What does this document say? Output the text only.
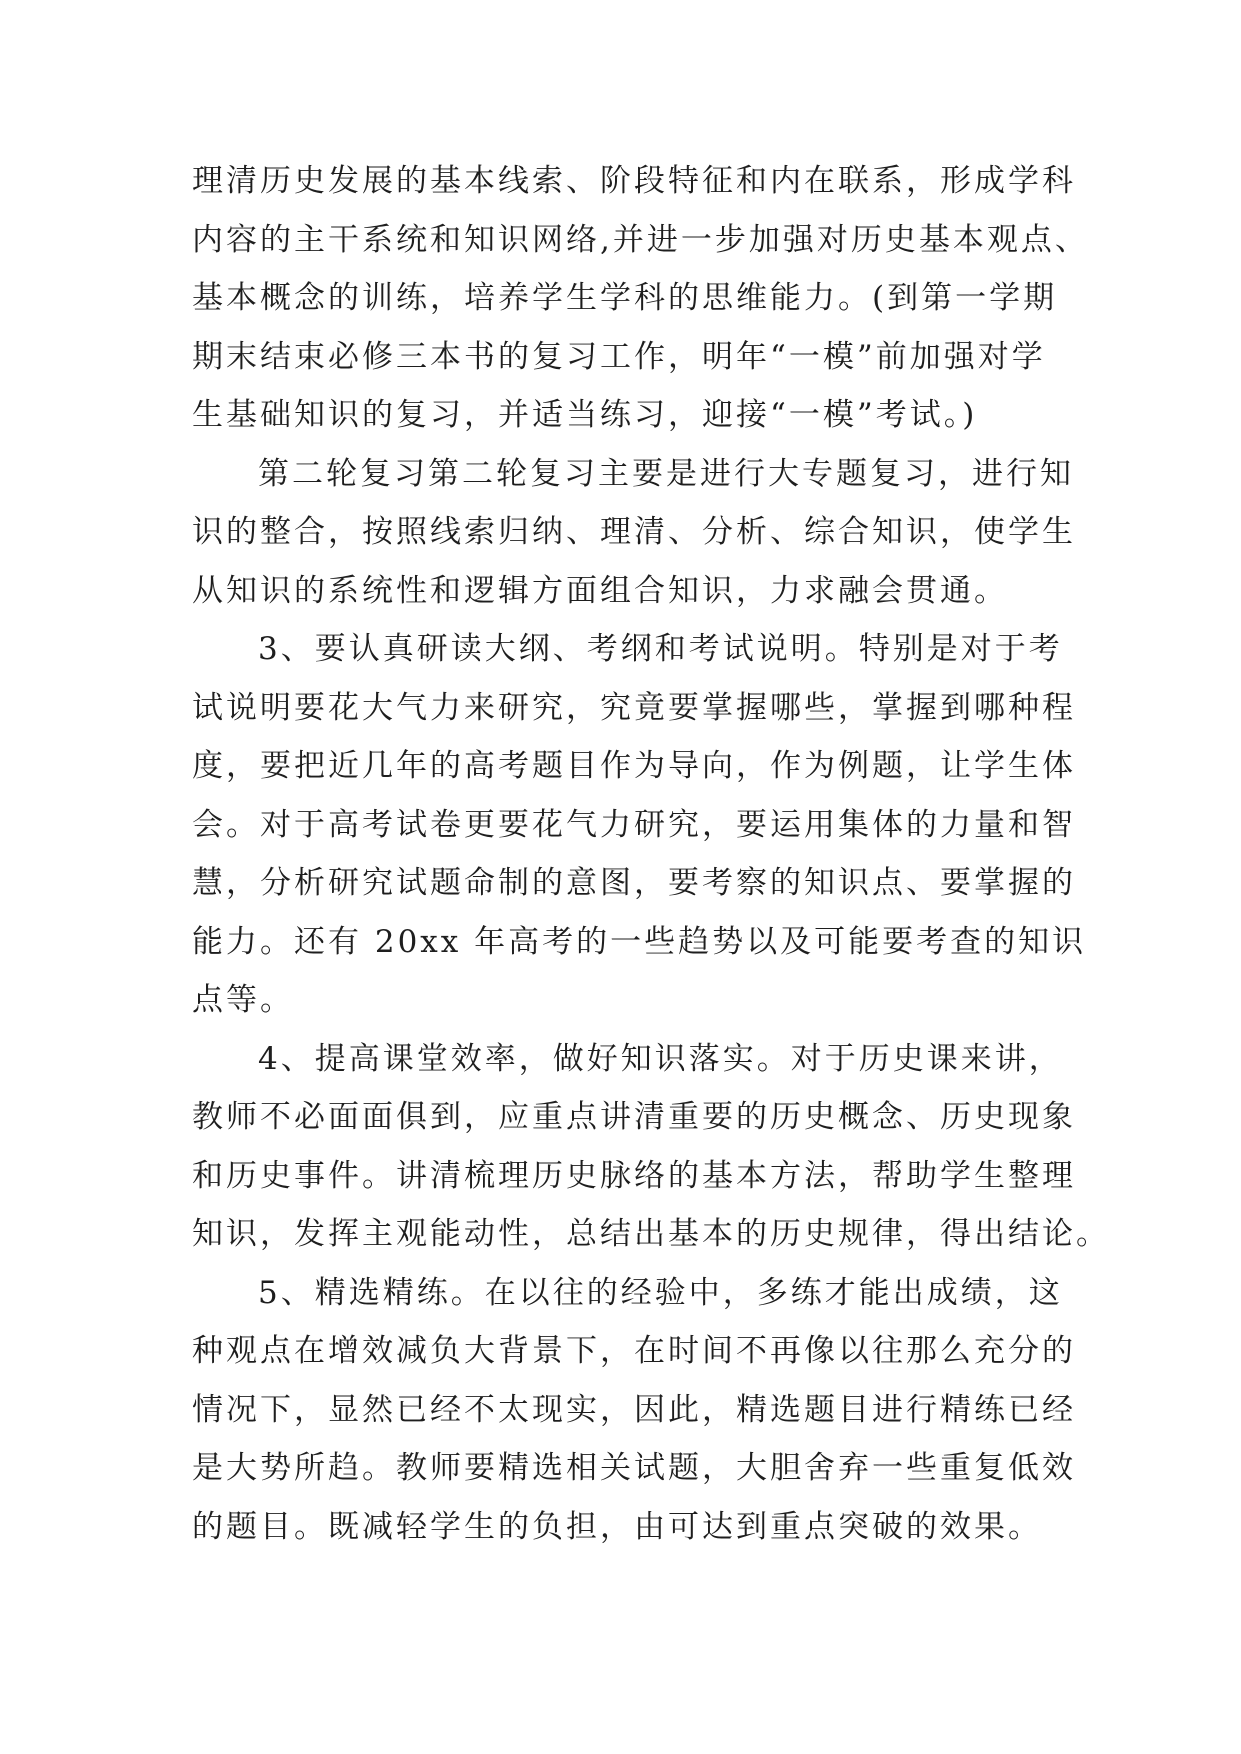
理清历史发展的基本线索、阶段特征和内在联系，形成学科
内容的主干系统和知识网络,并进一步加强对历史基本观点、
基本概念的训练，培养学生学科的思维能力。(到第一学期
期末结束必修三本书的复习工作，明年“一模”前加强对学
生基础知识的复习，并适当练习，迎接“一模”考试。)
第二轮复习第二轮复习主要是进行大专题复习，进行知
识的整合，按照线索归纳、理清、分析、综合知识，使学生
从知识的系统性和逻辑方面组合知识，力求融会贯通。
3、要认真研读大纲、考纲和考试说明。特别是对于考
试说明要花大气力来研究，究竟要掌握哪些，掌握到哪种程
度，要把近几年的高考题目作为导向，作为例题，让学生体
会。对于高考试卷更要花气力研究，要运用集体的力量和智
慧，分析研究试题命制的意图，要考察的知识点、要掌握的
能力。还有 20xx 年高考的一些趋势以及可能要考查的知识
点等。
4、提高课堂效率，做好知识落实。对于历史课来讲，
教师不必面面俱到，应重点讲清重要的历史概念、历史现象
和历史事件。讲清梳理历史脉络的基本方法，帮助学生整理
知识，发挥主观能动性，总结出基本的历史规律，得出结论。
5、精选精练。在以往的经验中，多练才能出成绩，这
种观点在增效减负大背景下，在时间不再像以往那么充分的
情况下，显然已经不太现实，因此，精选题目进行精练已经
是大势所趋。教师要精选相关试题，大胆舍弃一些重复低效
的题目。既减轻学生的负担，由可达到重点突破的效果。
